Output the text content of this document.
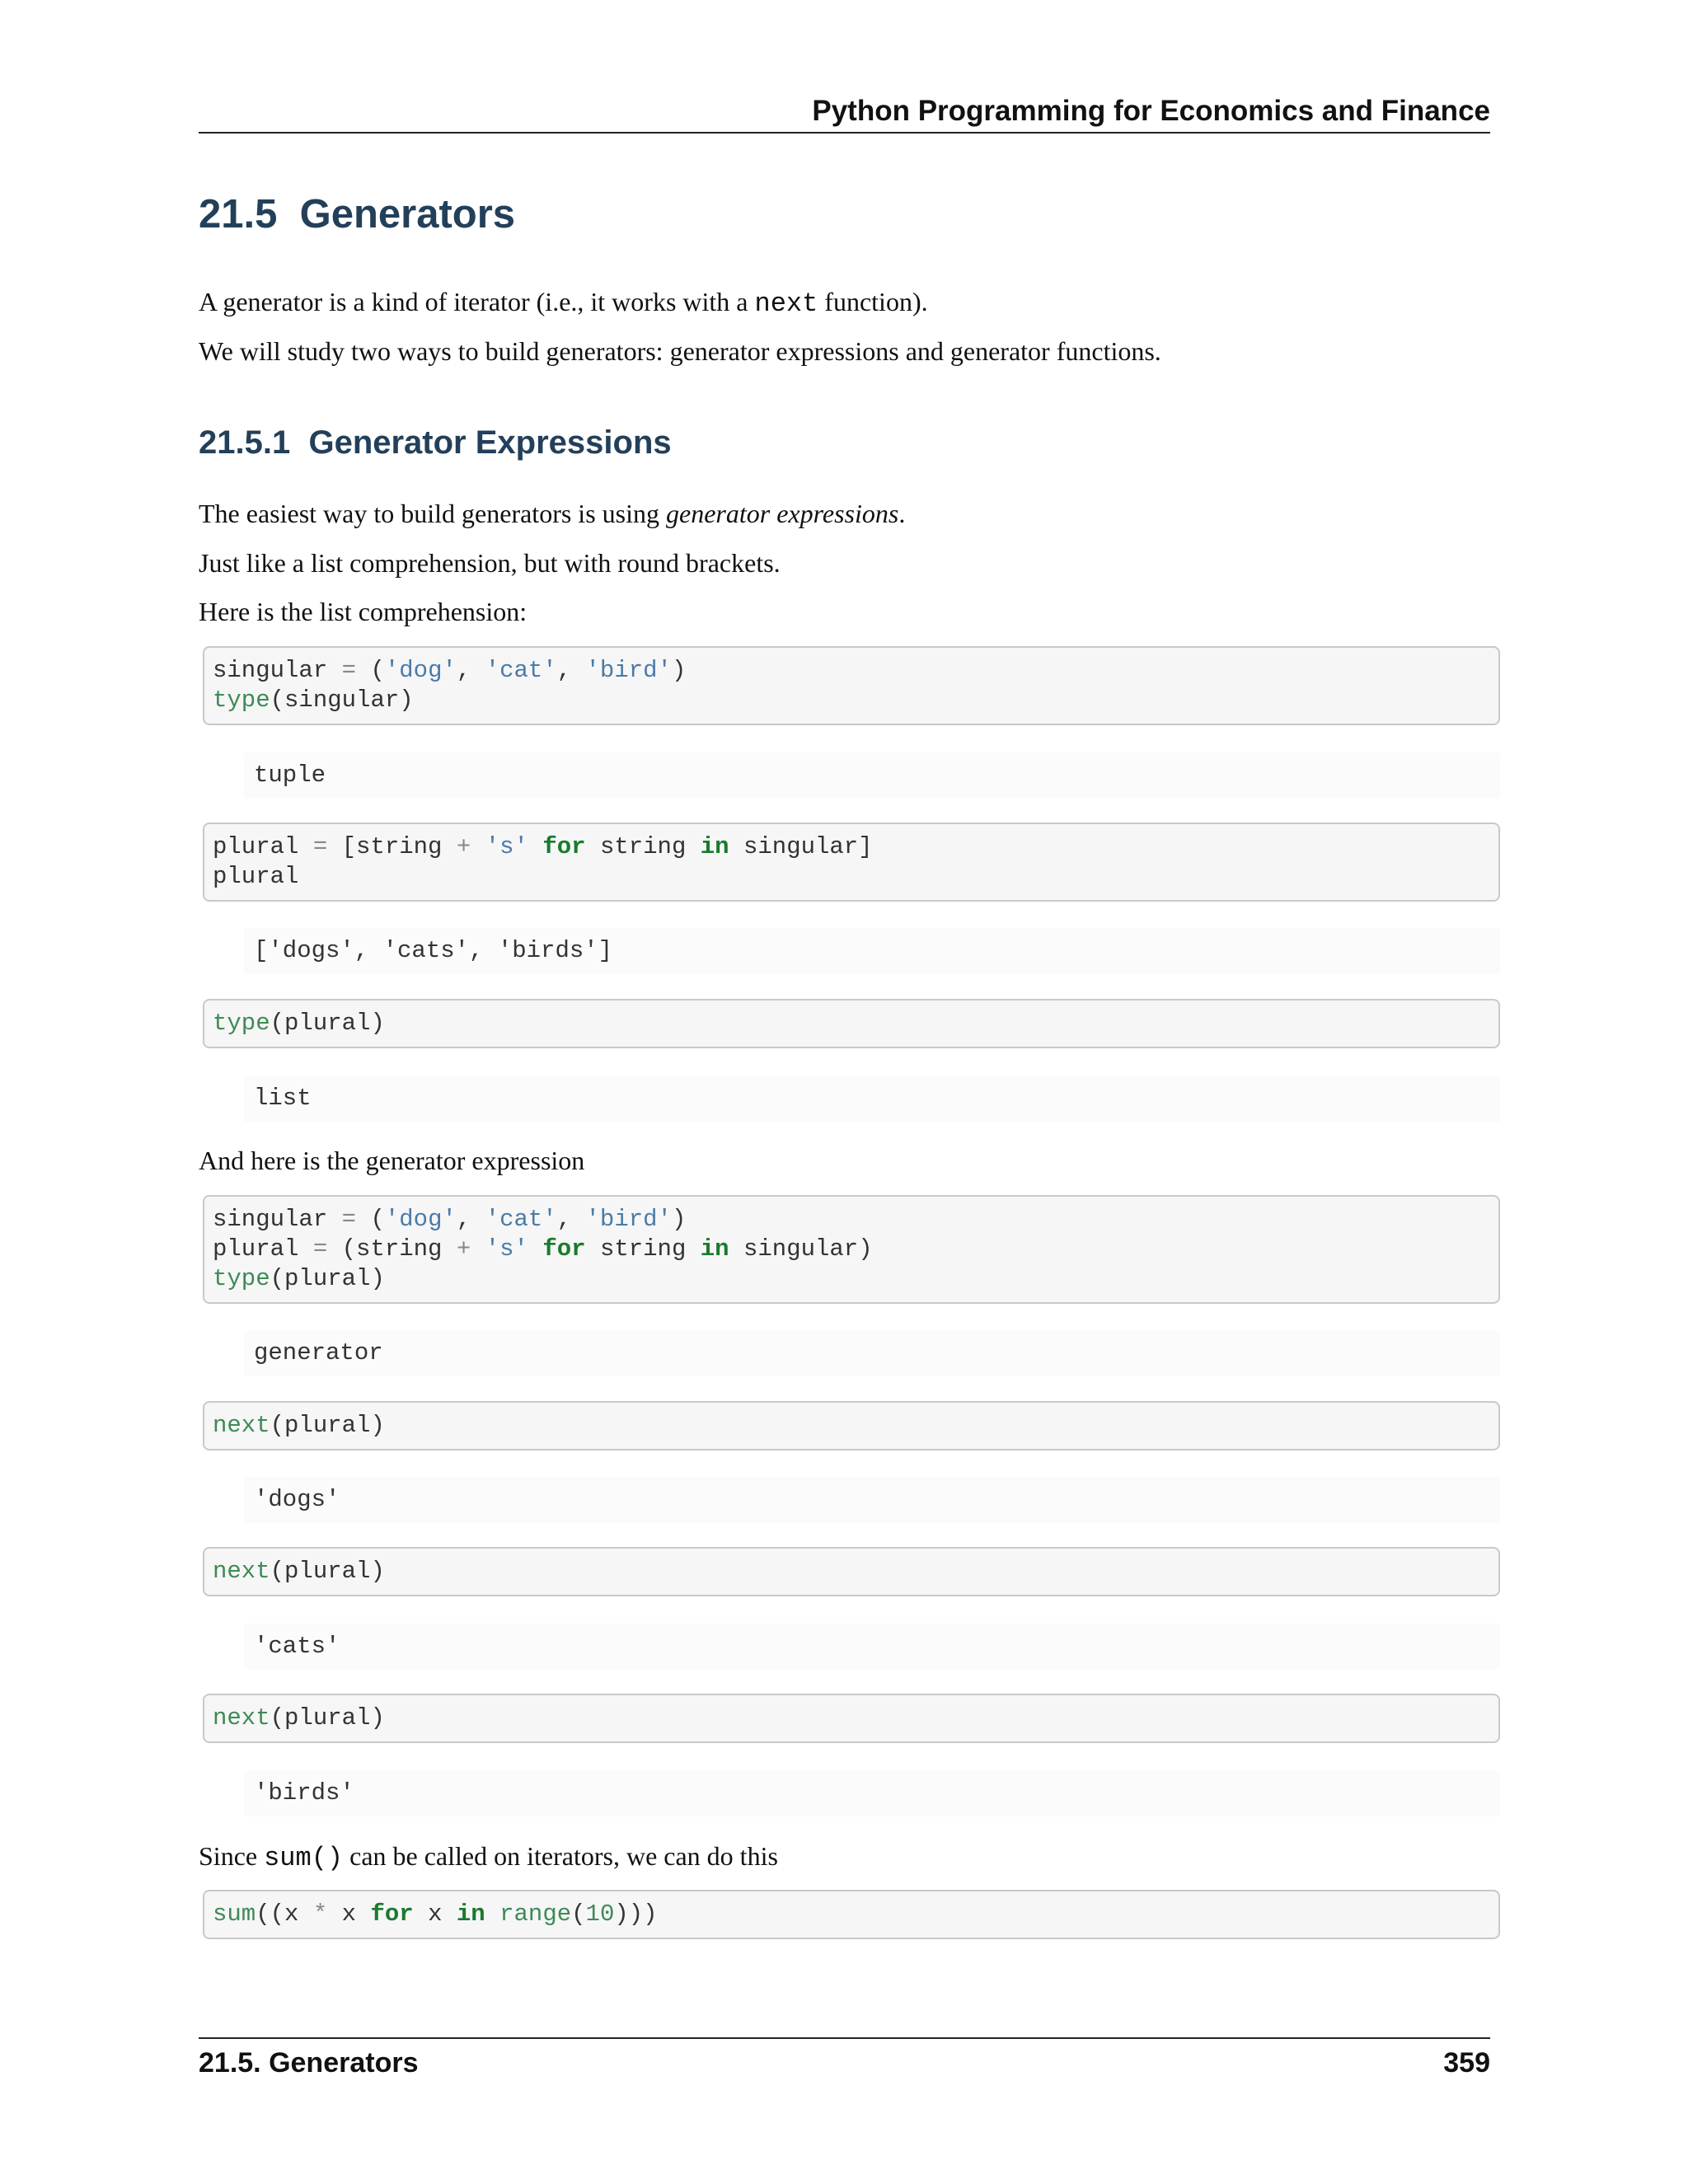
Python Programming for Economics and Finance
21.5 Generators
A generator is a kind of iterator (i.e., it works with a next function).
We will study two ways to build generators: generator expressions and generator functions.
21.5.1 Generator Expressions
The easiest way to build generators is using generator expressions.
Just like a list comprehension, but with round brackets.
Here is the list comprehension:
singular = ('dog', 'cat', 'bird')
type(singular)
tuple
plural = [string + 's' for string in singular]
plural
['dogs', 'cats', 'birds']
type(plural)
list
And here is the generator expression
singular = ('dog', 'cat', 'bird')
plural = (string + 's' for string in singular)
type(plural)
generator
next(plural)
'dogs'
next(plural)
'cats'
next(plural)
'birds'
Since sum() can be called on iterators, we can do this
sum((x * x for x in range(10)))
21.5. Generators	359
